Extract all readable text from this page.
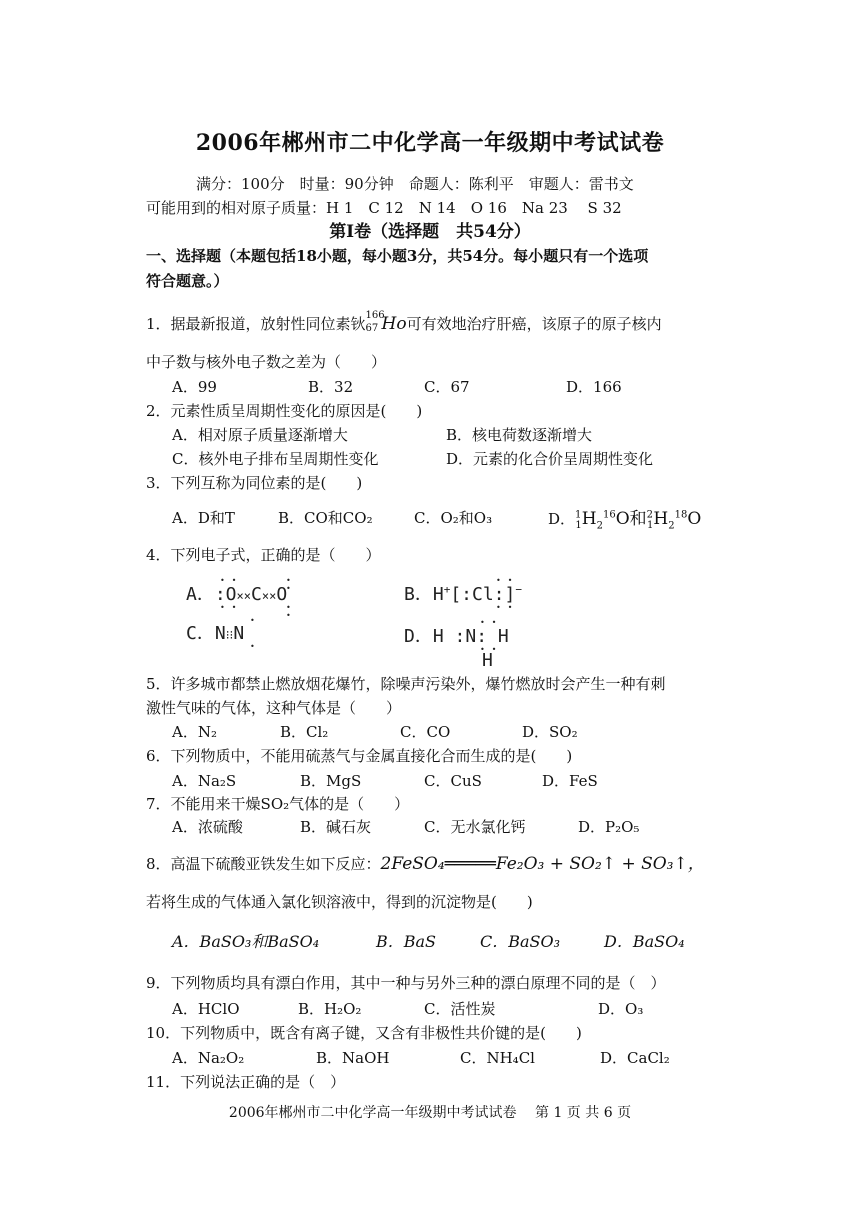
2006年郴州市二中化学高一年级期中考试试卷
满分：100分　时量：90分钟　命题人：陈利平　审题人：雷书文
可能用到的相对原子质量：H 1　C 12　N 14　O 16　Na 23　 S 32
第Ⅰ卷（选择题　共54分）
一、选择题（本题包括18小题，每小题3分，共54分。每小题只有一个选项
符合题意。）
1．据最新报道，放射性同位素钬 166
67 Ho可有效地治疗肝癌，该原子的原子核内
中子数与核外电子数之差为（　　）
A．99	B．32	C．67	D．166
2．元素性质呈周期性变化的原因是(　　)
A．相对原子质量逐渐增大	B．核电荷数逐渐增大
C．核外电子排布呈周期性变化	D．元素的化合价呈周期性变化
3．下列互称为同位素的是(　　)
A．D和T	B．CO和CO₂	C．O₂和O₃	D．$^1_1H_2^{16}O$和$^2_1H_2^{18}O$
4．下列电子式，正确的是（　　）
A．:O××C××O
• •
• •
• •
• •
B．H+[:Cl:]−
• •
• •
C．N⁝⁝N
•
•	D．H :N: H
• •
• •
H
5．许多城市都禁止燃放烟花爆竹，除噪声污染外，爆竹燃放时会产生一种有刺
激性气味的气体，这种气体是（　　）
A．N₂	B．Cl₂	C．CO	D．SO₂
6．下列物质中，不能用硫蒸气与金属直接化合而生成的是(　　)
A．Na₂S	B．MgS	C．CuS	D．FeS
7．不能用来干燥SO₂气体的是（　　）
A．浓硫酸	B．碱石灰	C．无水氯化钙	D．P₂O₅
8．高温下硫酸亚铁发生如下反应：2FeSO₄═════Fe₂O₃ + SO₂↑ + SO₃↑，
若将生成的气体通入氯化钡溶液中，得到的沉淀物是(　　)
A．BaSO₃和BaSO₄	B．BaS	C．BaSO₃	D．BaSO₄
9．下列物质均具有漂白作用，其中一种与另外三种的漂白原理不同的是（　）
A．HClO	B．H₂O₂	C．活性炭	D．O₃
10．下列物质中，既含有离子键，又含有非极性共价键的是(　　)
A．Na₂O₂	B．NaOH	C．NH₄Cl	D．CaCl₂
11．下列说法正确的是（　）
2006年郴州市二中化学高一年级期中考试试卷　 第 1 页 共 6 页
